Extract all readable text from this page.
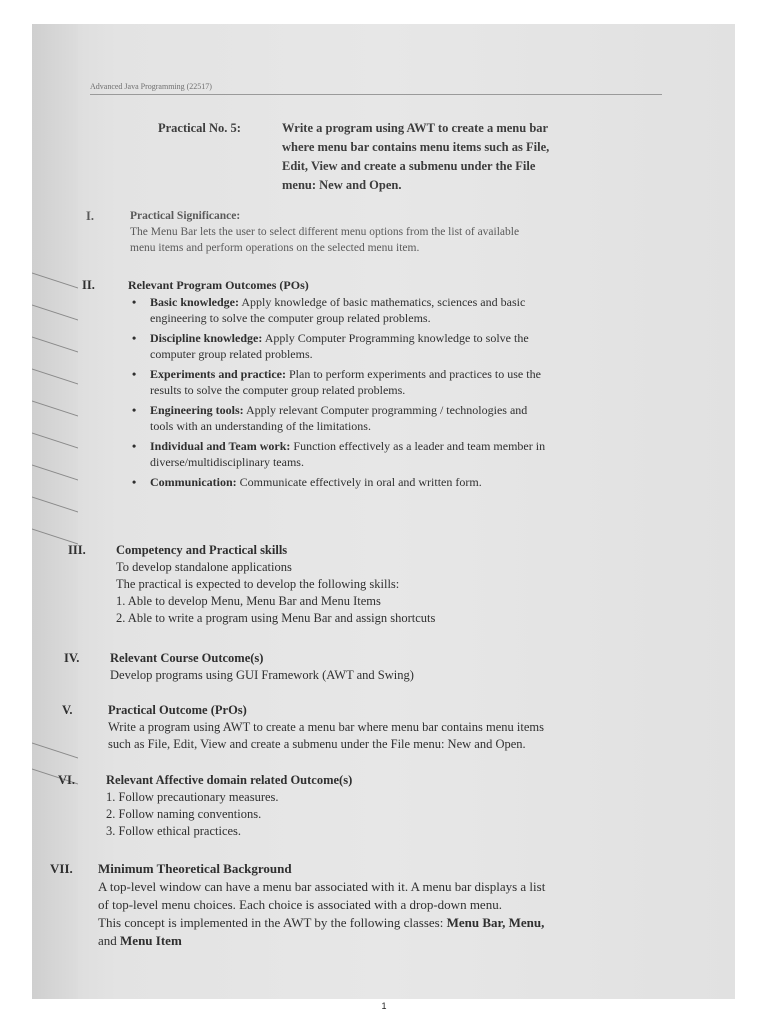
Advanced Java Programming (22517)
Practical No. 5:	Write a program using AWT to create a menu bar
where menu bar contains menu items such as File,
Edit, View and create a submenu under the File
menu: New and Open.
I.	Practical Significance:
The Menu Bar lets the user to select different menu options from the list of available
menu items and perform operations on the selected menu item.
II.	Relevant Program Outcomes (POs)
• Basic knowledge: Apply knowledge of basic mathematics, sciences and basic
engineering to solve the computer group related problems.
• Discipline knowledge: Apply Computer Programming knowledge to solve the
computer group related problems.
• Experiments and practice: Plan to perform experiments and practices to use the
results to solve the computer group related problems.
• Engineering tools: Apply relevant Computer programming / technologies and
tools with an understanding of the limitations.
• Individual and Team work: Function effectively as a leader and team member in
diverse/multidisciplinary teams.
• Communication: Communicate effectively in oral and written form.
III. Competency and Practical skills
To develop standalone applications
The practical is expected to develop the following skills:
1. Able to develop Menu, Menu Bar and Menu Items
2. Able to write a program using Menu Bar and assign shortcuts
IV. Relevant Course Outcome(s)
Develop programs using GUI Framework (AWT and Swing)
V.	Practical Outcome (PrOs)
Write a program using AWT to create a menu bar where menu bar contains menu items
such as File, Edit, View and create a submenu under the File menu: New and Open.
VI. Relevant Affective domain related Outcome(s)
1. Follow precautionary measures.
2. Follow naming conventions.
3. Follow ethical practices.
VII. Minimum Theoretical Background
A top-level window can have a menu bar associated with it. A menu bar displays a list
of top-level menu choices. Each choice is associated with a drop-down menu.
This concept is implemented in the AWT by the following classes: Menu Bar, Menu,
and Menu Item
1
